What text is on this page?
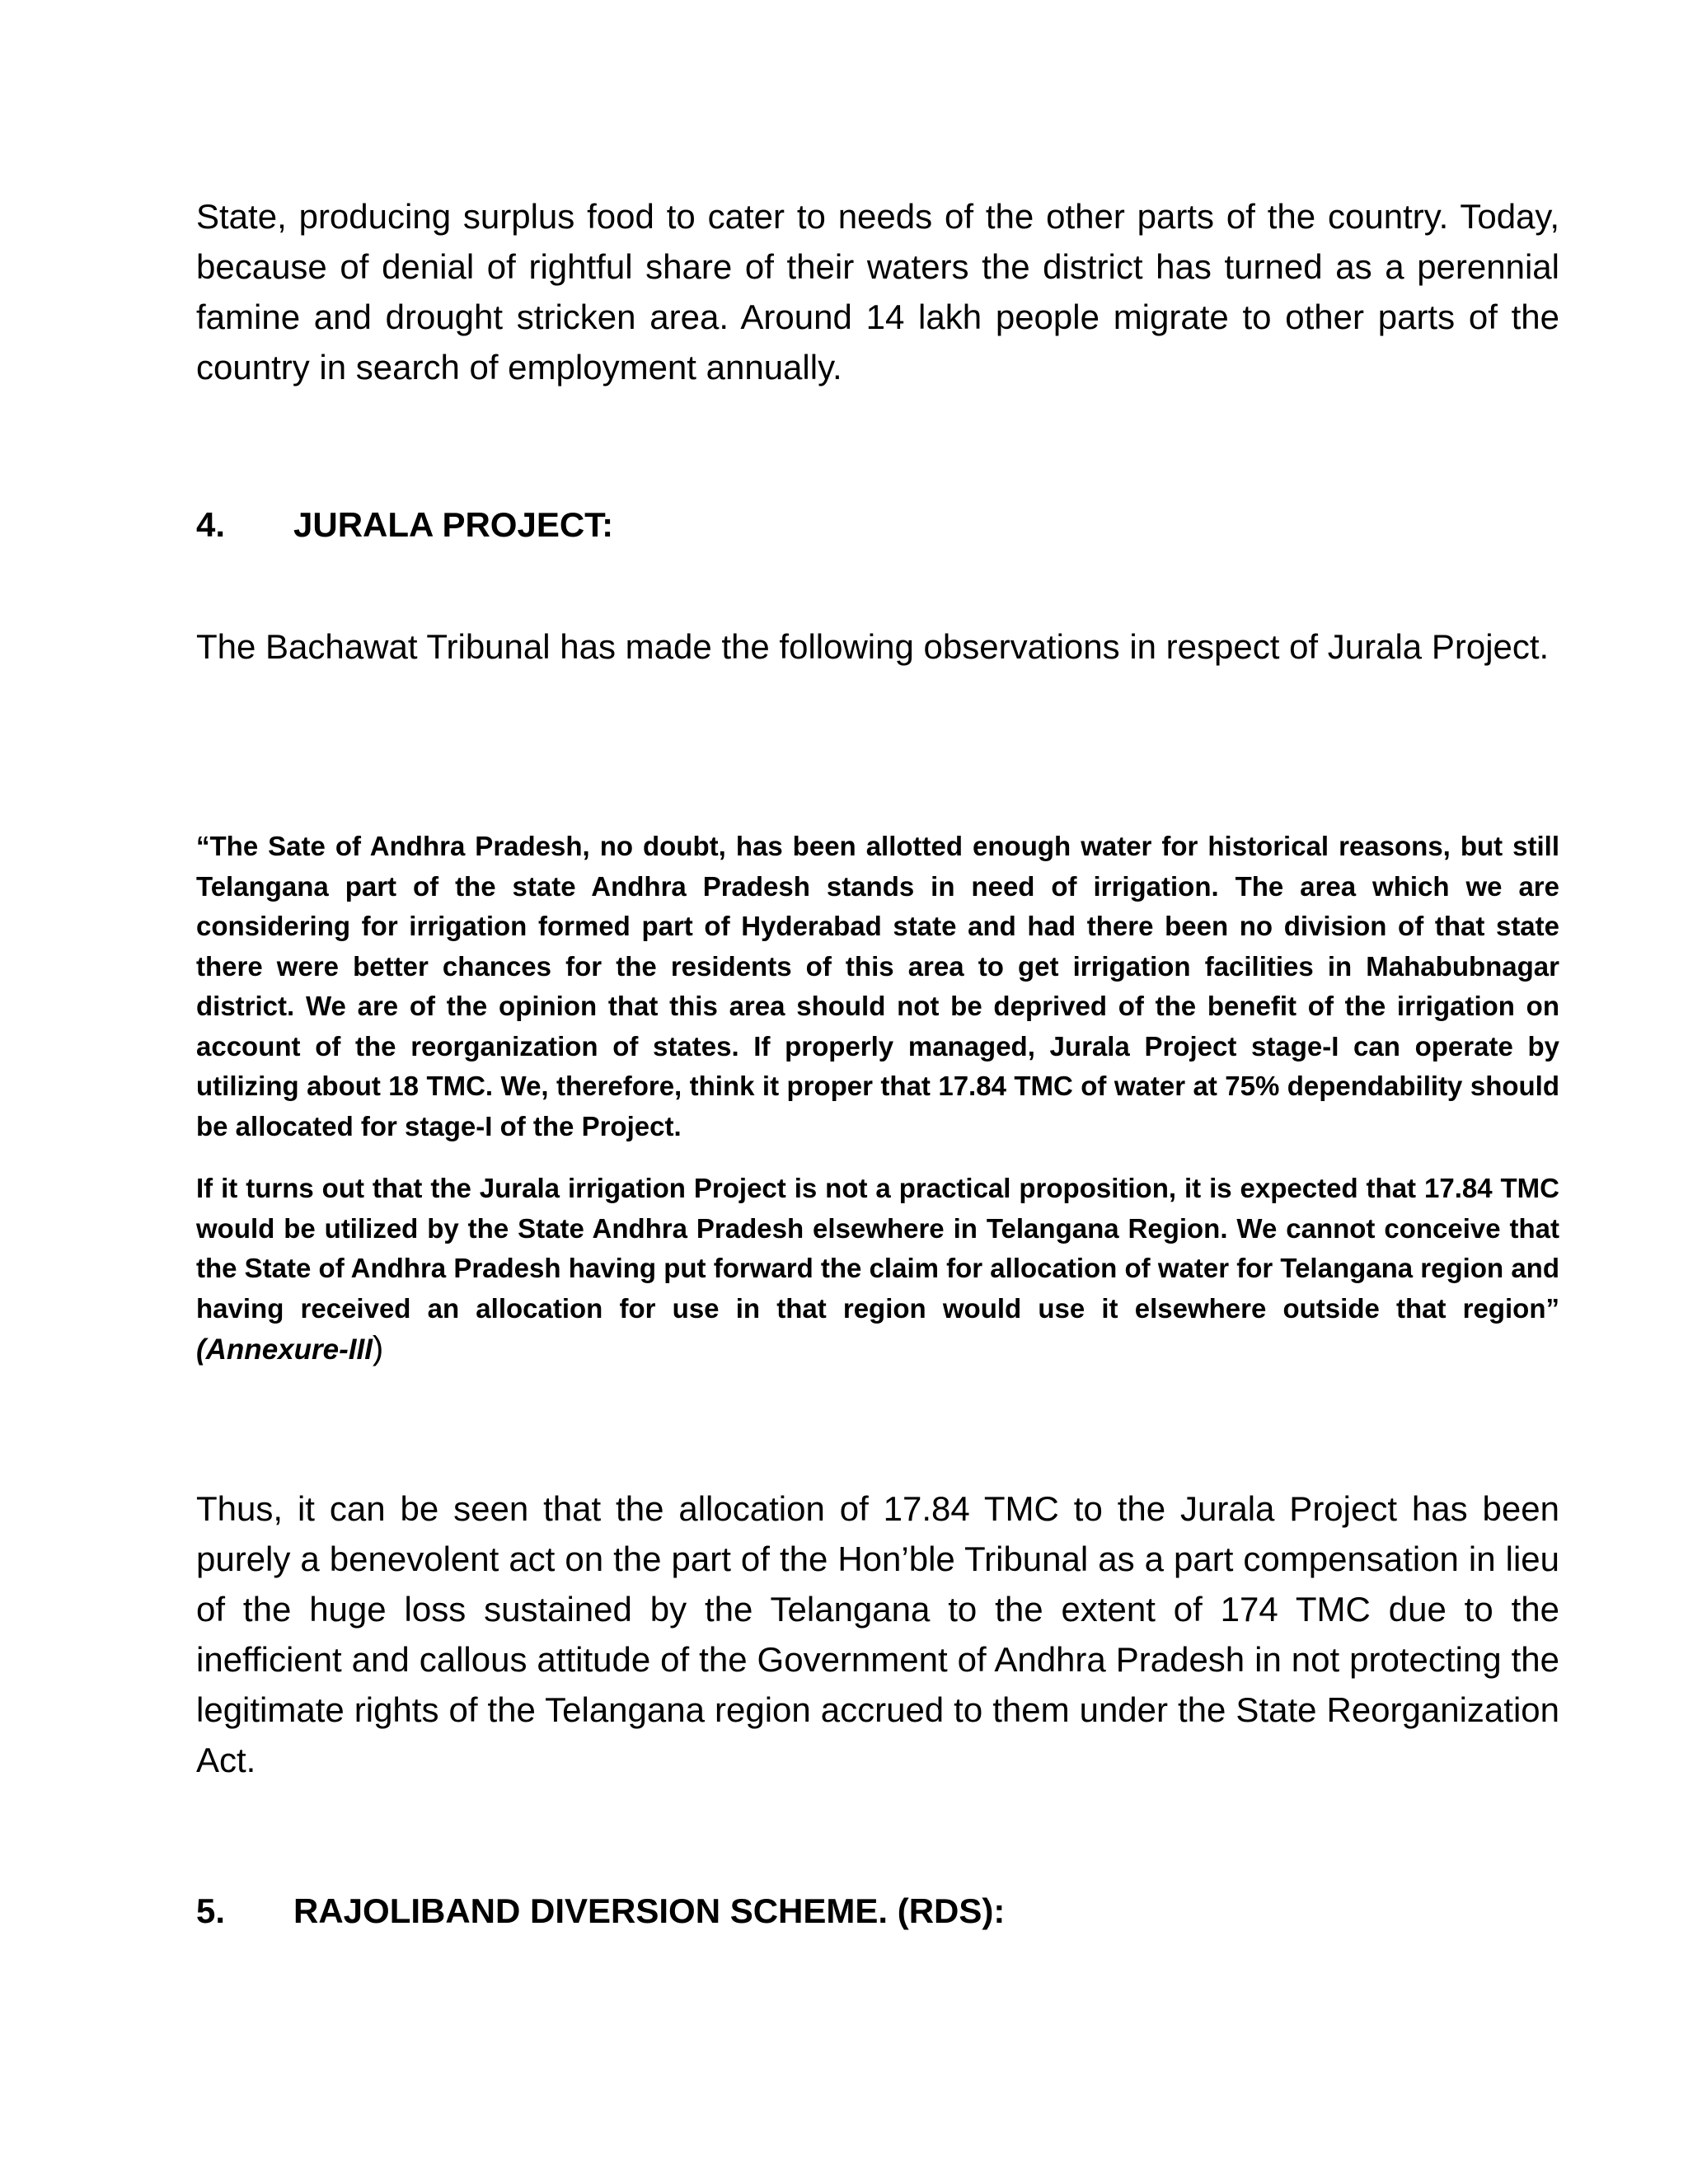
State, producing surplus food to cater to needs of the other parts of the country. Today, because of denial of rightful share of their waters the district has turned as a perennial famine and drought stricken area. Around 14 lakh people migrate to other parts of the country in search of employment annually.

4. JURALA PROJECT:

The Bachawat Tribunal has made the following observations in respect of Jurala Project.

“The Sate of Andhra Pradesh, no doubt, has been allotted enough water for historical reasons, but still Telangana part of the state Andhra Pradesh stands in need of irrigation. The area which we are considering for irrigation formed part of Hyderabad state and had there been no division of that state there were better chances for the residents of this area to get irrigation facilities in Mahabubnagar district. We are of the opinion that this area should not be deprived of the benefit of the irrigation on account of the reorganization of states. If properly managed, Jurala Project stage-I can operate by utilizing about 18 TMC. We, therefore, think it proper that 17.84 TMC of water at 75% dependability should be allocated for stage-I of the Project.

If it turns out that the Jurala irrigation Project is not a practical proposition, it is expected that 17.84 TMC would be utilized by the State Andhra Pradesh elsewhere in Telangana Region. We cannot conceive that the State of Andhra Pradesh having put forward the claim for allocation of water for Telangana region and having received an allocation for use in that region would use it elsewhere outside that region” (Annexure-III)

Thus, it can be seen that the allocation of 17.84 TMC to the Jurala Project has been purely a benevolent act on the part of the Hon’ble Tribunal as a part compensation in lieu of the huge loss sustained by the Telangana to the extent of 174 TMC due to the inefficient and callous attitude of the Government of Andhra Pradesh in not protecting the legitimate rights of the Telangana region accrued to them under the State Reorganization Act.

5. RAJOLIBAND DIVERSION SCHEME. (RDS):
